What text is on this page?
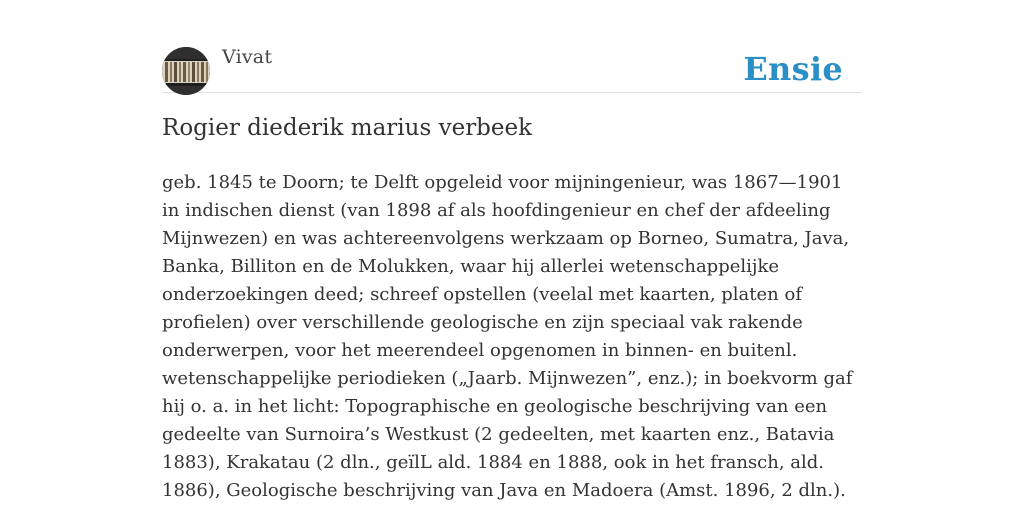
Vivat	Ensie
Rogier diederik marius verbeek

geb. 1845 te Doorn; te Delft opgeleid voor mijningenieur, was 1867—1901 in indischen dienst (van 1898 af als hoofdingenieur en chef der afdeeling Mijnwezen) en was achtereenvolgens werkzaam op Borneo, Sumatra, Java, Banka, Billiton en de Molukken, waar hij allerlei wetenschappelijke onderzoekingen deed; schreef opstellen (veelal met kaarten, platen of profielen) over verschillende geologische en zijn speciaal vak rakende onderwerpen, voor het meerendeel opgenomen in binnen- en buitenl. wetenschappelijke periodieken („Jaarb. Mijnwezen”, enz.); in boekvorm gaf hij o. a. in het licht: Topographische en geologische beschrijving van een gedeelte van Surnoira’s Westkust (2 gedeelten, met kaarten enz., Batavia 1883), Krakatau (2 dln., geïlL ald. 1884 en 1888, ook in het fransch, ald. 1886), Geologische beschrijving van Java en Madoera (Amst. 1896, 2 dln.).
